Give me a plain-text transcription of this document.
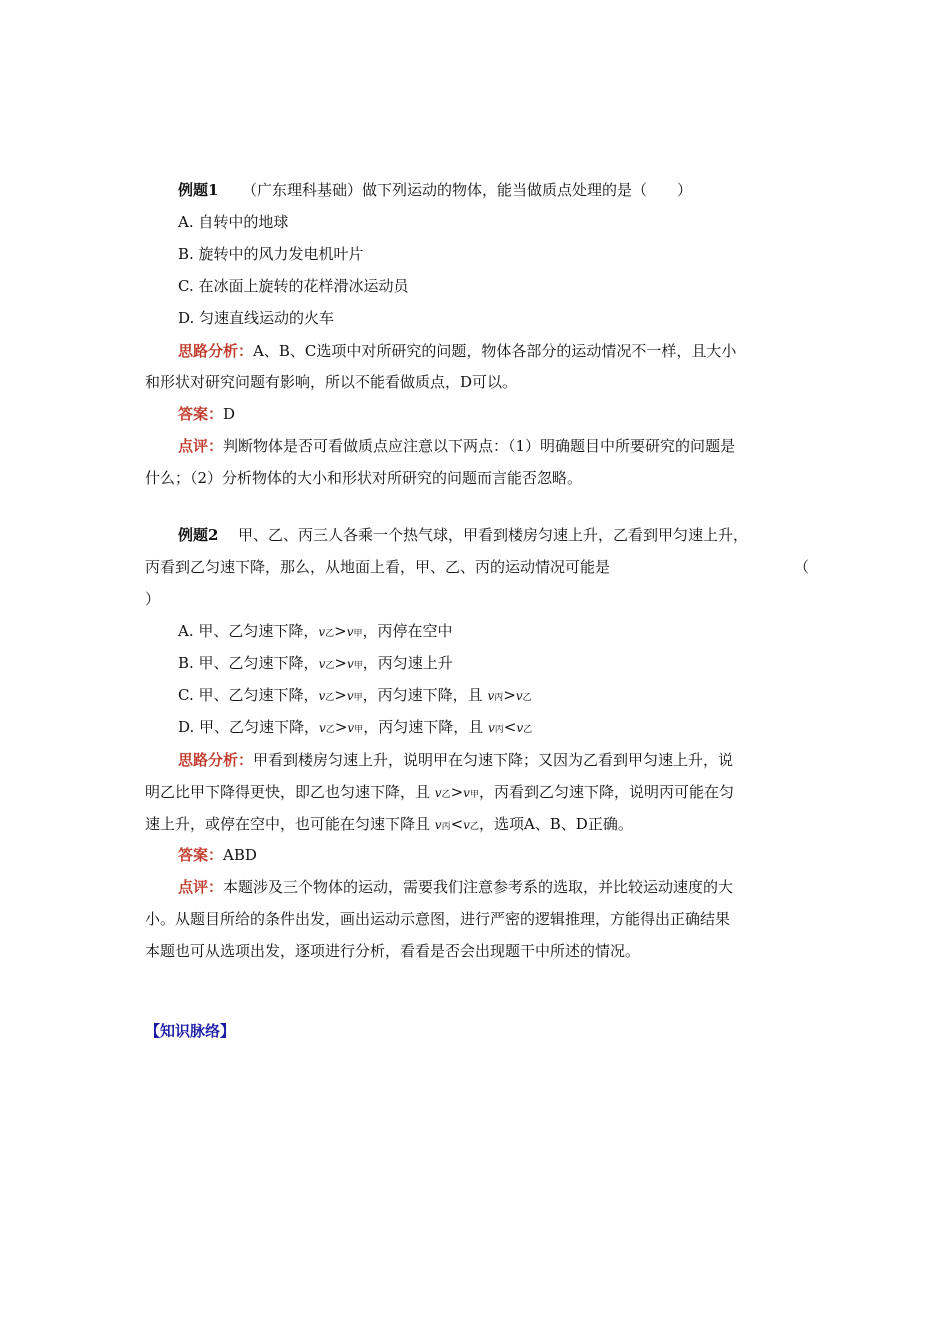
例题1 （广东理科基础）做下列运动的物体，能当做质点处理的是（　　）
A. 自转中的地球
B. 旋转中的风力发电机叶片
C. 在冰面上旋转的花样滑冰运动员
D. 匀速直线运动的火车
思路分析：A、B、C选项中对所研究的问题，物体各部分的运动情况不一样，且大小
和形状对研究问题有影响，所以不能看做质点，D可以。
答案：D
点评：判断物体是否可看做质点应注意以下两点：（1）明确题目中所要研究的问题是
什么；（2）分析物体的大小和形状对所研究的问题而言能否忽略。
例题2 甲、乙、丙三人各乘一个热气球，甲看到楼房匀速上升，乙看到甲匀速上升，
丙看到乙匀速下降，那么，从地面上看，甲、乙、丙的运动情况可能是	（
）
A. 甲、乙匀速下降，v乙>v甲，丙停在空中
B. 甲、乙匀速下降，v乙>v甲，丙匀速上升
C. 甲、乙匀速下降，v乙>v甲，丙匀速下降，且 v丙>v乙
D. 甲、乙匀速下降，v乙>v甲，丙匀速下降，且 v丙<v乙
思路分析：甲看到楼房匀速上升，说明甲在匀速下降；又因为乙看到甲匀速上升，说
明乙比甲下降得更快，即乙也匀速下降，且 v乙>v甲，丙看到乙匀速下降，说明丙可能在匀
速上升，或停在空中，也可能在匀速下降且 v丙<v乙，选项A、B、D正确。
答案：ABD
点评：本题涉及三个物体的运动，需要我们注意参考系的选取，并比较运动速度的大
小。从题目所给的条件出发，画出运动示意图，进行严密的逻辑推理，方能得出正确结果
本题也可从选项出发，逐项进行分析，看看是否会出现题干中所述的情况。
【知识脉络】
